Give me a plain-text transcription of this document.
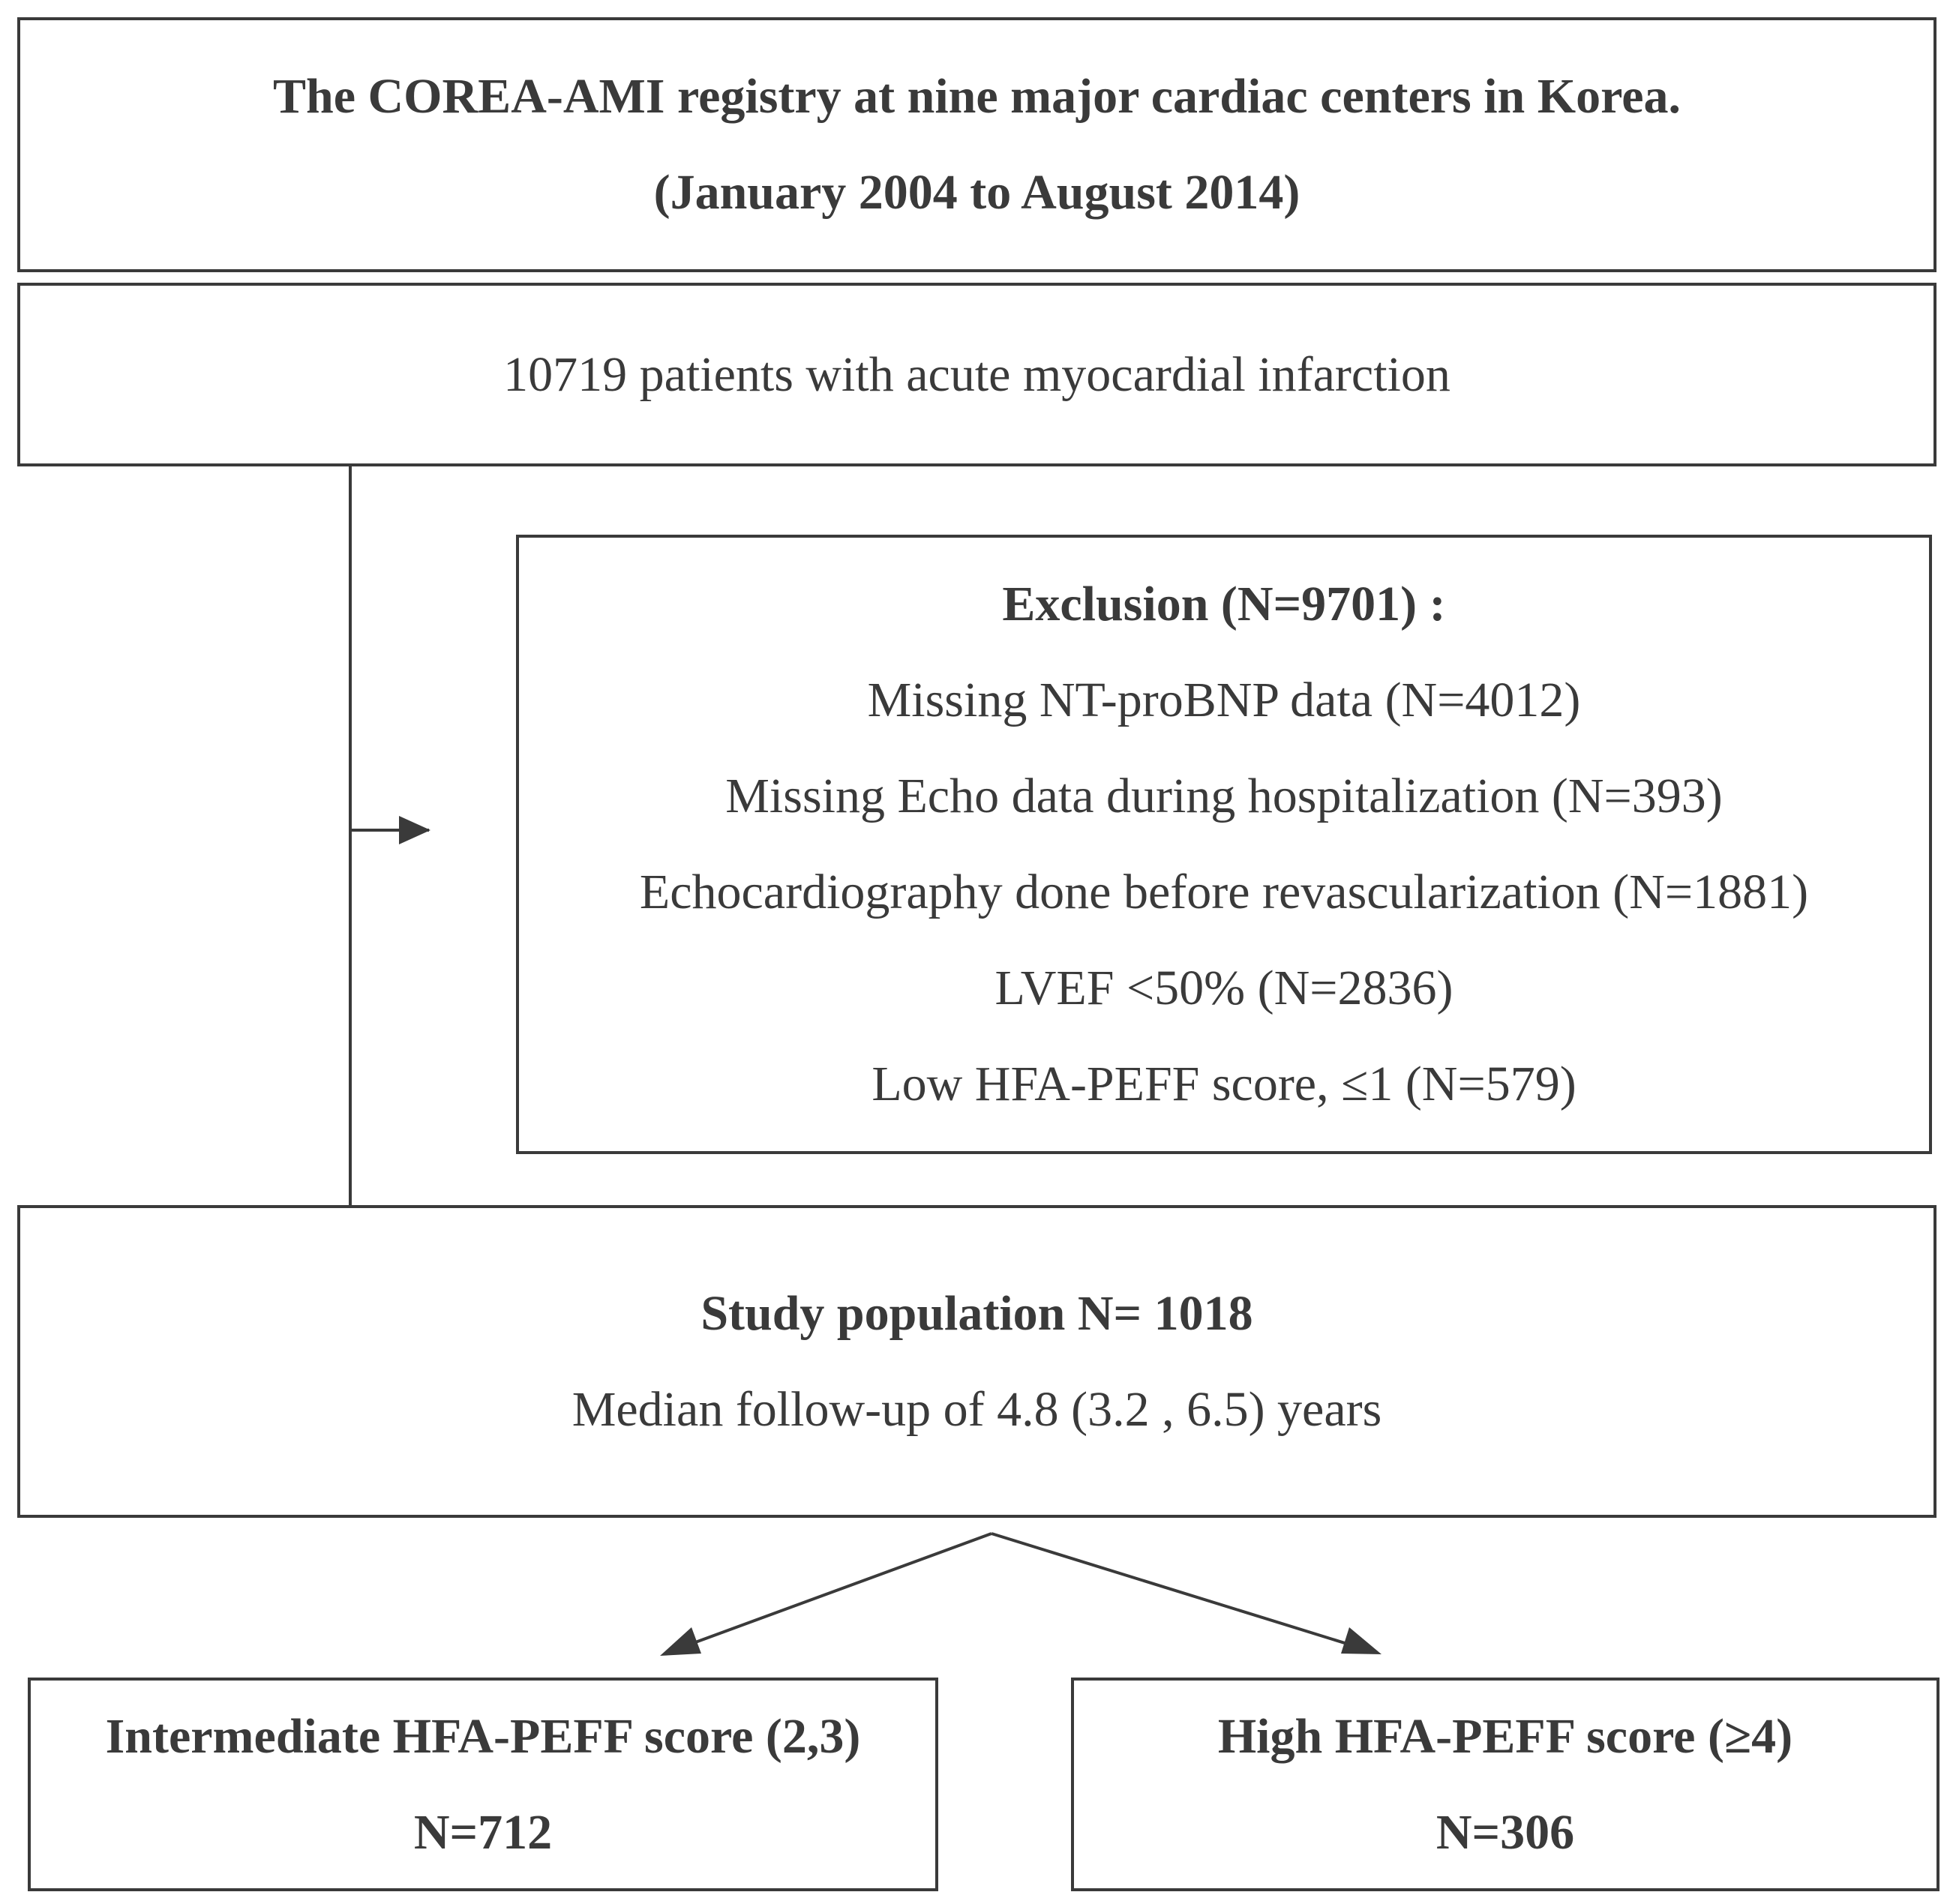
The COREA-AMI registry at nine major cardiac centers in Korea.
(January 2004 to August 2014)
10719 patients with acute myocardial infarction
Exclusion (N=9701) :
Missing NT-proBNP data (N=4012)
Missing Echo data during hospitalization (N=393)
Echocardiography done before revascularization (N=1881)
LVEF <50% (N=2836)
Low HFA-PEFF score, ≤1 (N=579)
Study population N= 1018
Median follow-up of 4.8 (3.2 , 6.5) years
Intermediate HFA-PEFF score (2,3)
N=712
High HFA-PEFF score (≥4)
N=306
